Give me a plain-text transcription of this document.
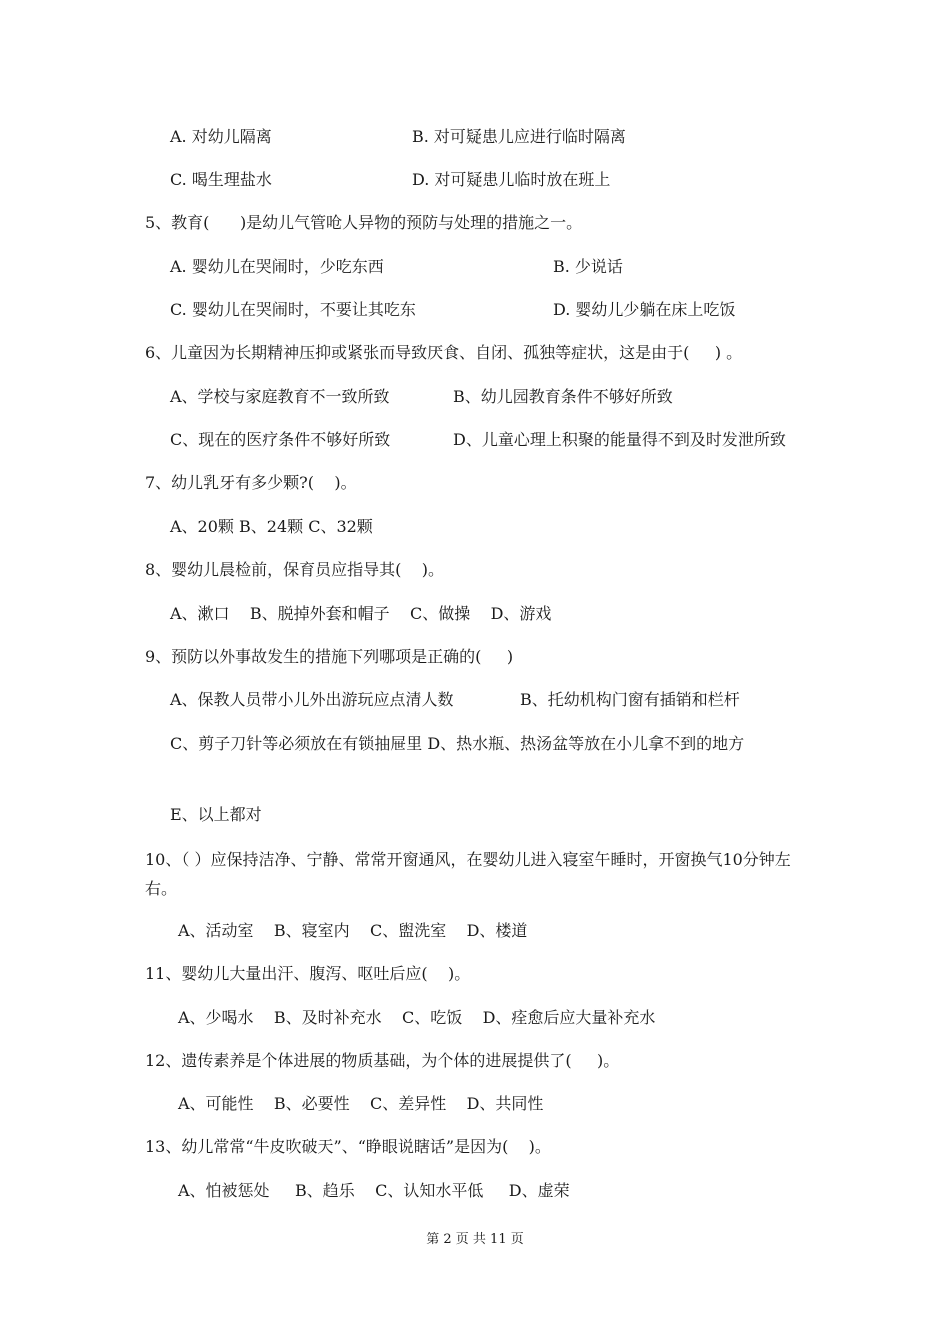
A. 对幼儿隔离	B. 对可疑患儿应进行临时隔离
C. 喝生理盐水	D. 对可疑患儿临时放在班上
5、教育(      )是幼儿气管呛人异物的预防与处理的措施之一。
A. 婴幼儿在哭闹时，少吃东西	B. 少说话
C. 婴幼儿在哭闹时，不要让其吃东	D. 婴幼儿少躺在床上吃饭
6、儿童因为长期精神压抑或紧张而导致厌食、自闭、孤独等症状，这是由于(     ) 。
A、学校与家庭教育不一致所致	B、幼儿园教育条件不够好所致
C、现在的医疗条件不够好所致	D、儿童心理上积聚的能量得不到及时发泄所致
7、幼儿乳牙有多少颗?(    )。
A、20颗 B、24颗 C、32颗
8、婴幼儿晨检前，保育员应指导其(    )。
A、漱口    B、脱掉外套和帽子    C、做操    D、游戏
9、预防以外事故发生的措施下列哪项是正确的(     )
A、保教人员带小儿外出游玩应点清人数	B、托幼机构门窗有插销和栏杆
C、剪子刀针等必须放在有锁抽屉里 D、热水瓶、热汤盆等放在小儿拿不到的地方
E、以上都对
10、（ ）应保持洁净、宁静、常常开窗通风，在婴幼儿进入寝室午睡时，开窗换气10分钟左右。
A、活动室    B、寝室内    C、盥洗室    D、楼道
11、婴幼儿大量出汗、腹泻、呕吐后应(    )。
A、少喝水    B、及时补充水    C、吃饭    D、痊愈后应大量补充水
12、遗传素养是个体进展的物质基础，为个体的进展提供了(     )。
A、可能性    B、必要性    C、差异性    D、共同性
13、幼儿常常“牛皮吹破天”、“睁眼说瞎话”是因为(    )。
A、怕被惩处     B、趋乐    C、认知水平低     D、虚荣
第 2 页 共 11 页
